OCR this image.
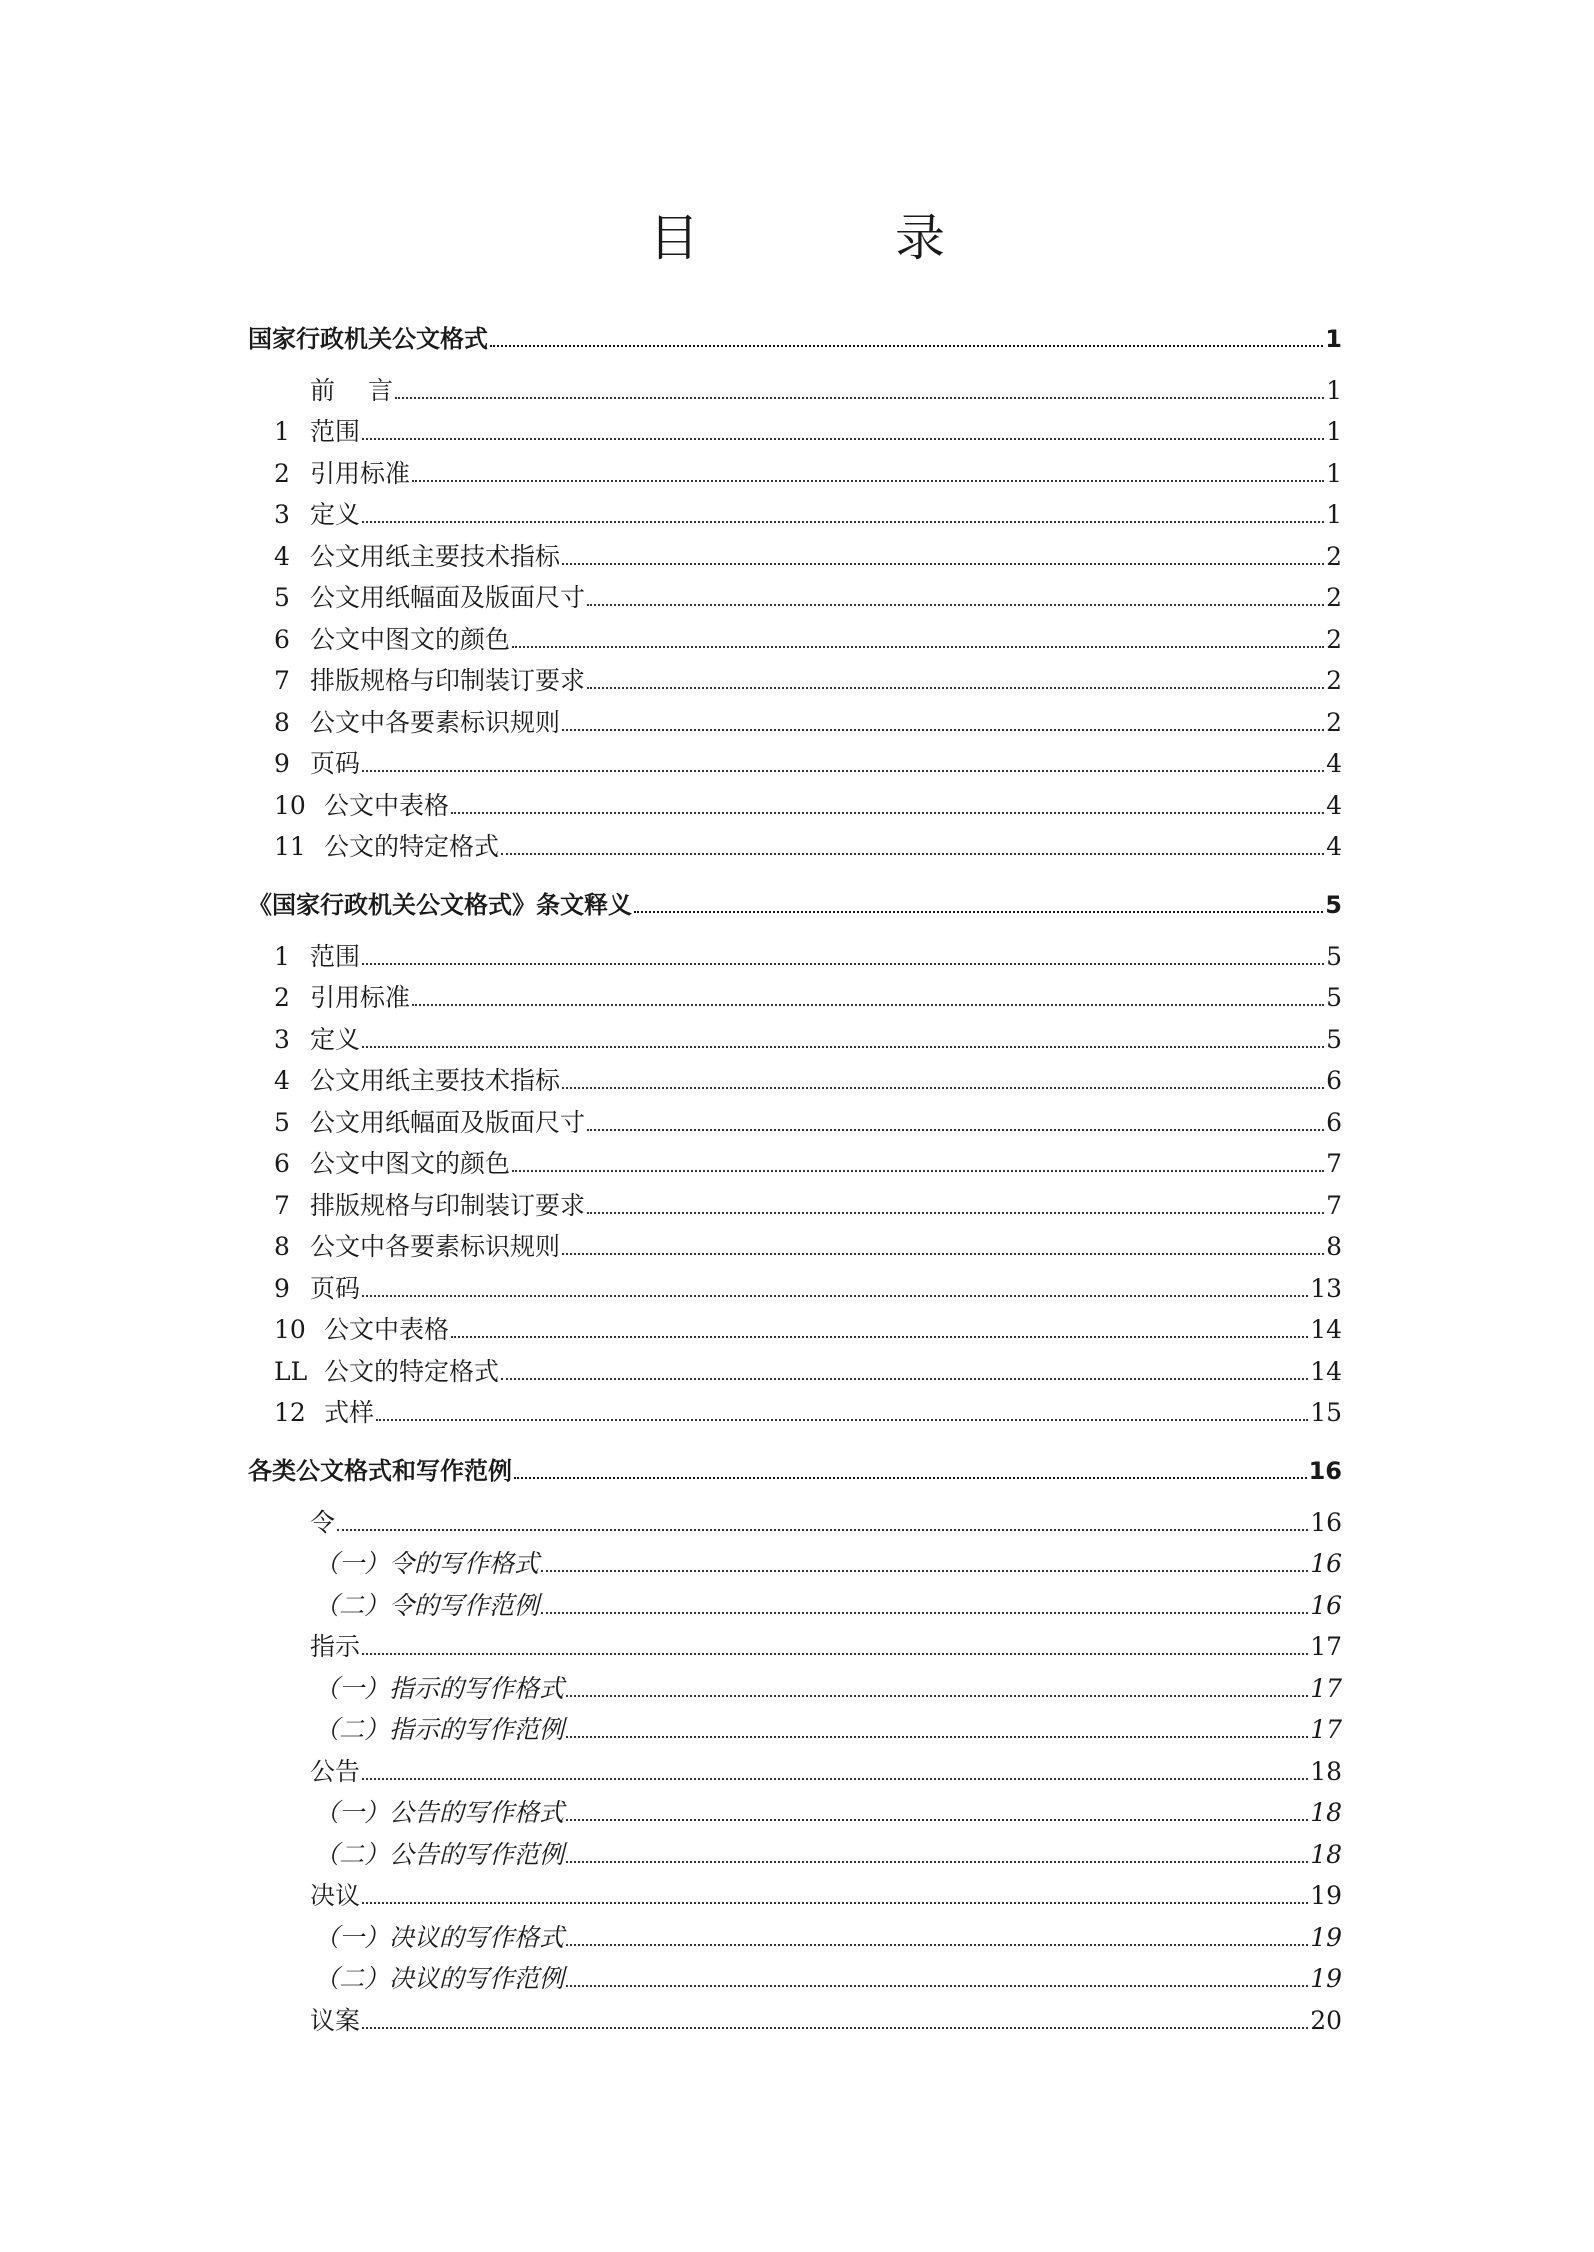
目 录
国家行政机关公文格式	1
前　 言	1
1 范围	1
2 引用标准	1
3 定义	1
4 公文用纸主要技术指标	2
5 公文用纸幅面及版面尺寸	2
6 公文中图文的颜色	2
7 排版规格与印制装订要求	2
8 公文中各要素标识规则	2
9 页码	4
10 公文中表格	4
11 公文的特定格式	4
《国家行政机关公文格式》条文释义	5
1 范围	5
2 引用标准	5
3 定义	5
4 公文用纸主要技术指标	6
5 公文用纸幅面及版面尺寸	6
6 公文中图文的颜色	7
7 排版规格与印制装订要求	7
8 公文中各要素标识规则	8
9 页码	13
10 公文中表格	14
LL 公文的特定格式	14
12 式样	15
各类公文格式和写作范例	16
令	16
（一）令的写作格式	16
（二）令的写作范例	16
指示	17
（一）指示的写作格式	17
（二）指示的写作范例	17
公告	18
（一）公告的写作格式	18
（二）公告的写作范例	18
决议	19
（一）决议的写作格式	19
（二）决议的写作范例	19
议案	20
